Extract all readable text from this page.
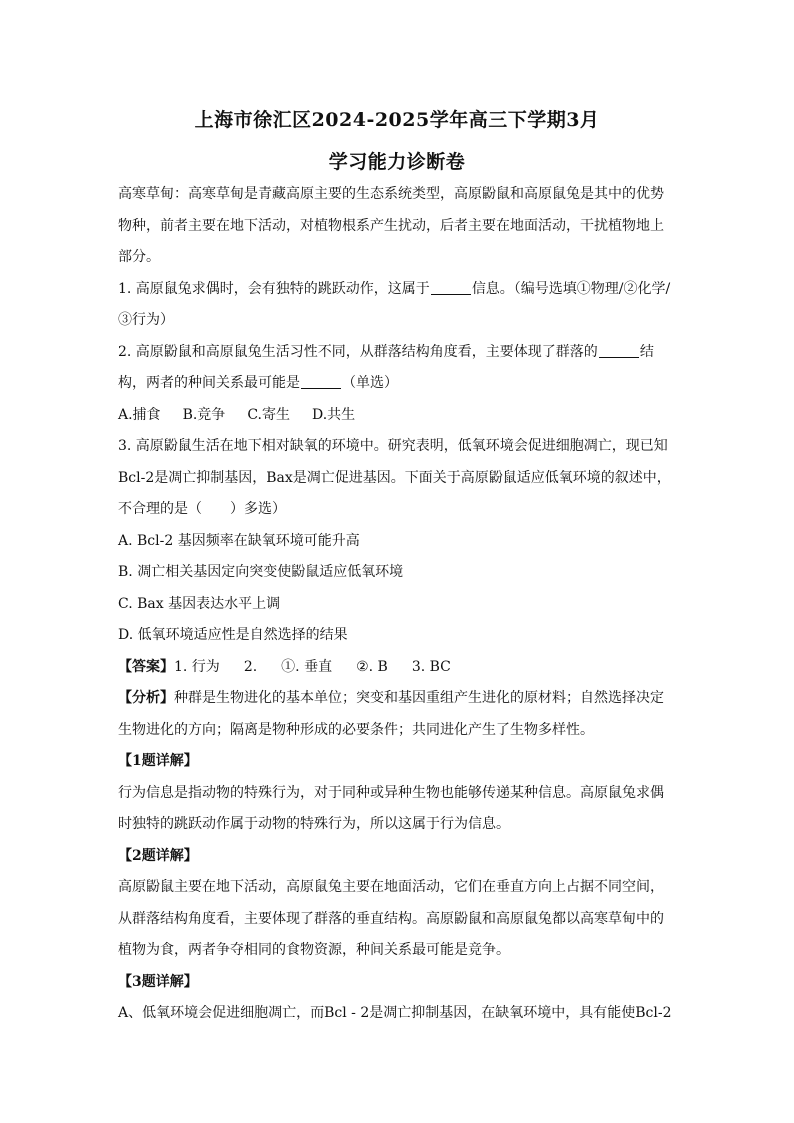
上海市徐汇区2024-2025学年高三下学期3月
学习能力诊断卷
高寒草甸：高寒草甸是青藏高原主要的生态系统类型，高原鼢鼠和高原鼠兔是其中的优势
物种，前者主要在地下活动，对植物根系产生扰动，后者主要在地面活动，干扰植物地上
部分。
1. 高原鼠兔求偶时，会有独特的跳跃动作，这属于	信息。（编号选填①物理/②化学/
③行为）
2. 高原鼢鼠和高原鼠兔生活习性不同，从群落结构角度看，主要体现了群落的	结
构，两者的种间关系最可能是	（单选）
A.捕食 B.竞争 C.寄生 D.共生
3. 高原鼢鼠生活在地下相对缺氧的环境中。研究表明，低氧环境会促进细胞凋亡，现已知
Bcl-2是凋亡抑制基因，Bax是凋亡促进基因。下面关于高原鼢鼠适应低氧环境的叙述中，
不合理的是（　　）多选）
A. Bcl-2 基因频率在缺氧环境可能升高
B. 凋亡相关基因定向突变使鼢鼠适应低氧环境
C. Bax 基因表达水平上调
D. 低氧环境适应性是自然选择的结果
【答案】1. 行为 2. ①. 垂直 ②. B 3. BC
【分析】种群是生物进化的基本单位；突变和基因重组产生进化的原材料；自然选择决定
生物进化的方向；隔离是物种形成的必要条件；共同进化产生了生物多样性。
【1题详解】
行为信息是指动物的特殊行为，对于同种或异种生物也能够传递某种信息。高原鼠兔求偶
时独特的跳跃动作属于动物的特殊行为，所以这属于行为信息。
【2题详解】
高原鼢鼠主要在地下活动，高原鼠兔主要在地面活动，它们在垂直方向上占据不同空间，
从群落结构角度看，主要体现了群落的垂直结构。高原鼢鼠和高原鼠兔都以高寒草甸中的
植物为食，两者争夺相同的食物资源，种间关系最可能是竞争。
【3题详解】
A、低氧环境会促进细胞凋亡，而Bcl - 2是凋亡抑制基因，在缺氧环境中，具有能使Bcl-2
